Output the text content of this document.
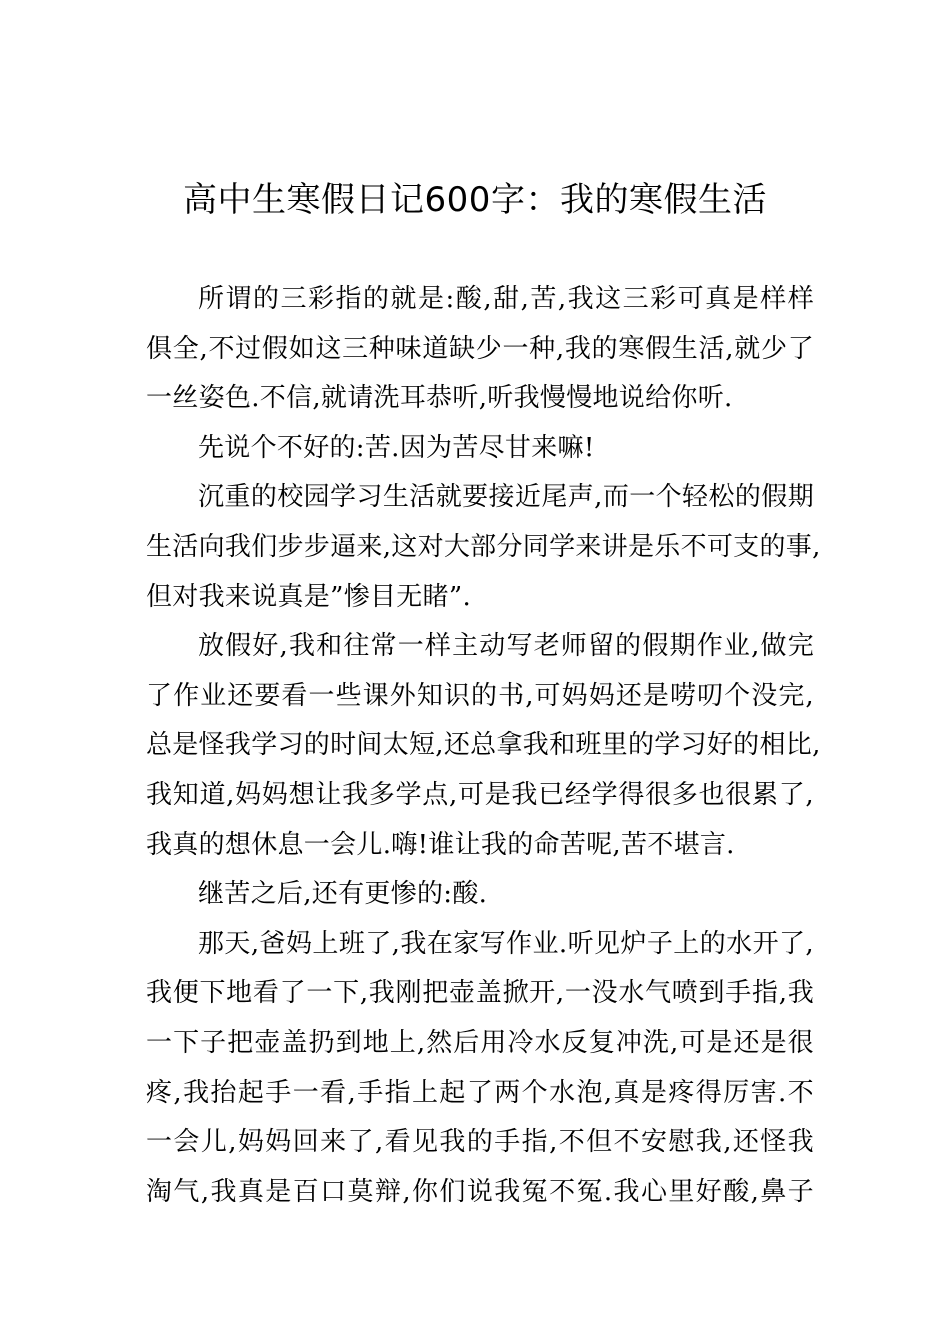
高中生寒假日记600字：我的寒假生活
所谓的三彩指的就是:酸,甜,苦,我这三彩可真是样样
俱全,不过假如这三种味道缺少一种,我的寒假生活,就少了
一丝姿色.不信,就请洗耳恭听,听我慢慢地说给你听.
先说个不好的:苦.因为苦尽甘来嘛!
沉重的校园学习生活就要接近尾声,而一个轻松的假期
生活向我们步步逼来,这对大部分同学来讲是乐不可支的事,
但对我来说真是”惨目无睹”.
放假好,我和往常一样主动写老师留的假期作业,做完
了作业还要看一些课外知识的书,可妈妈还是唠叨个没完,
总是怪我学习的时间太短,还总拿我和班里的学习好的相比,
我知道,妈妈想让我多学点,可是我已经学得很多也很累了,
我真的想休息一会儿.嗨!谁让我的命苦呢,苦不堪言.
继苦之后,还有更惨的:酸.
那天,爸妈上班了,我在家写作业.听见炉子上的水开了,
我便下地看了一下,我刚把壶盖掀开,一没水气喷到手指,我
一下子把壶盖扔到地上,然后用冷水反复冲洗,可是还是很
疼,我抬起手一看,手指上起了两个水泡,真是疼得厉害.不
一会儿,妈妈回来了,看见我的手指,不但不安慰我,还怪我
淘气,我真是百口莫辩,你们说我冤不冤.我心里好酸,鼻子
